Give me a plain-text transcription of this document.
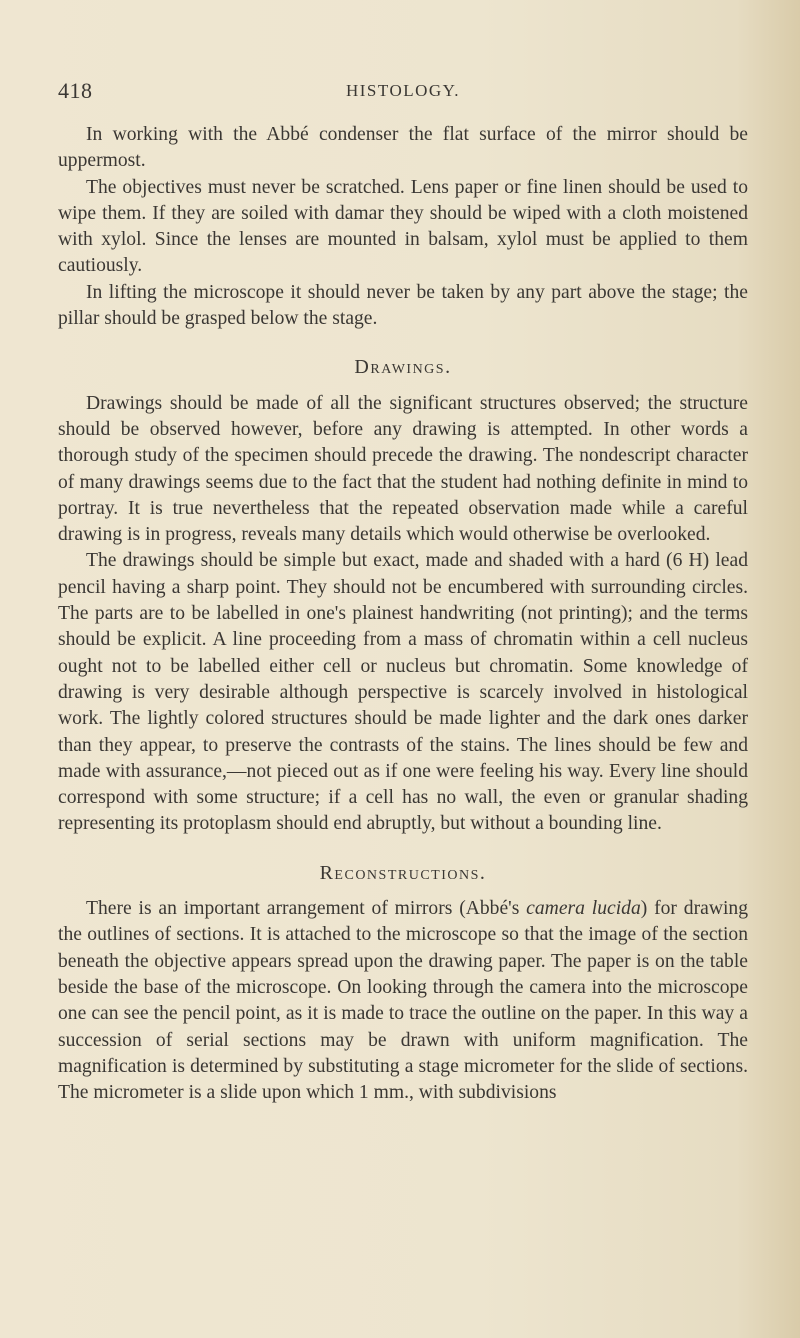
418	HISTOLOGY.

In working with the Abbé condenser the flat surface of the mirror should be uppermost.

The objectives must never be scratched. Lens paper or fine linen should be used to wipe them. If they are soiled with damar they should be wiped with a cloth moistened with xylol. Since the lenses are mounted in balsam, xylol must be applied to them cautiously.

In lifting the microscope it should never be taken by any part above the stage; the pillar should be grasped below the stage.

Drawings.

Drawings should be made of all the significant structures observed; the structure should be observed however, before any drawing is attempted. In other words a thorough study of the specimen should precede the drawing. The nondescript character of many drawings seems due to the fact that the student had nothing definite in mind to portray. It is true nevertheless that the repeated observation made while a careful drawing is in progress, reveals many details which would otherwise be overlooked.

The drawings should be simple but exact, made and shaded with a hard (6 H) lead pencil having a sharp point. They should not be encumbered with surrounding circles. The parts are to be labelled in one's plainest handwriting (not printing); and the terms should be explicit. A line proceeding from a mass of chromatin within a cell nucleus ought not to be labelled either cell or nucleus but chromatin. Some knowledge of drawing is very desirable although perspective is scarcely involved in histological work. The lightly colored structures should be made lighter and the dark ones darker than they appear, to preserve the contrasts of the stains. The lines should be few and made with assurance,—not pieced out as if one were feeling his way. Every line should correspond with some structure; if a cell has no wall, the even or granular shading representing its protoplasm should end abruptly, but without a bounding line.

Reconstructions.

There is an important arrangement of mirrors (Abbé's camera lucida) for drawing the outlines of sections. It is attached to the microscope so that the image of the section beneath the objective appears spread upon the drawing paper. The paper is on the table beside the base of the microscope. On looking through the camera into the microscope one can see the pencil point, as it is made to trace the outline on the paper. In this way a succession of serial sections may be drawn with uniform magnification. The magnification is determined by substituting a stage micrometer for the slide of sections. The micrometer is a slide upon which 1 mm., with subdivisions
